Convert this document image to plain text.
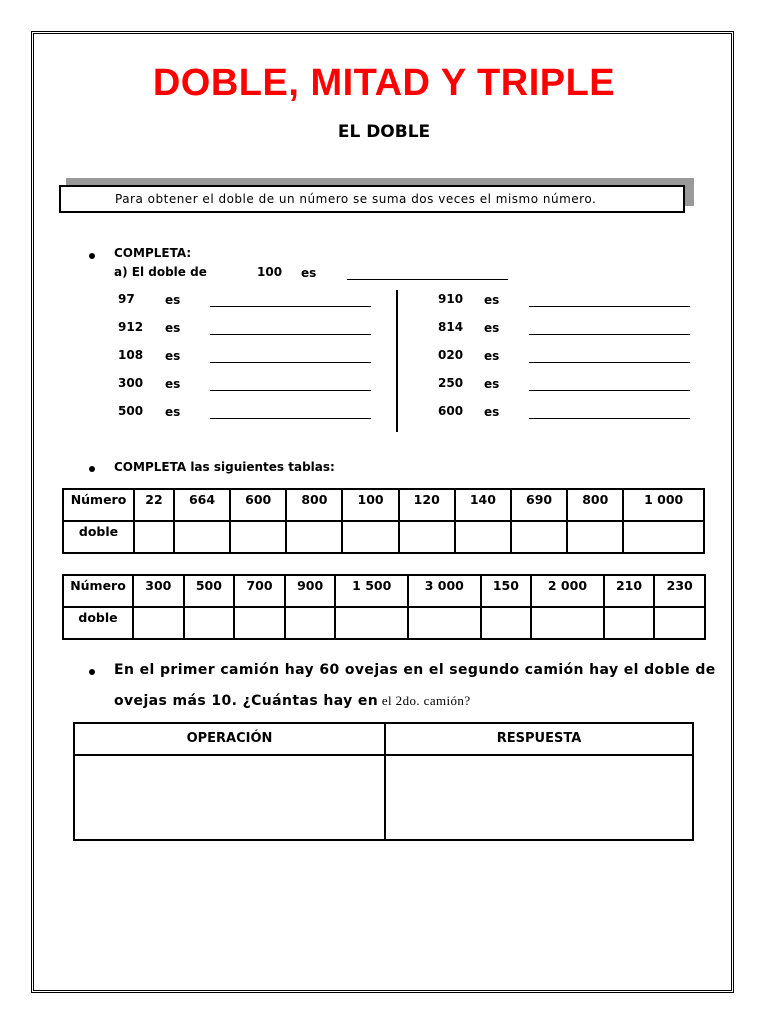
DOBLE, MITAD Y TRIPLE
EL DOBLE
Para obtener el doble de un número se suma dos veces el mismo número.
COMPLETA:
a) El doble de	100 es
97	es	910 es
912 es	814 es
108 es	020 es
300 es	250 es
500 es	600 es
COMPLETA las siguientes tablas:
Número	22	664	600	800	100	120	140	690	800	1 000
doble										
Número	300	500	700	900	1 500	3 000	150	2 000	210	230
doble										
En el primer camión hay 60 ovejas en el segundo camión hay el doble de
ovejas más 10. ¿Cuántas hay en el 2do. camión?
OPERACIÓN	RESPUESTA
